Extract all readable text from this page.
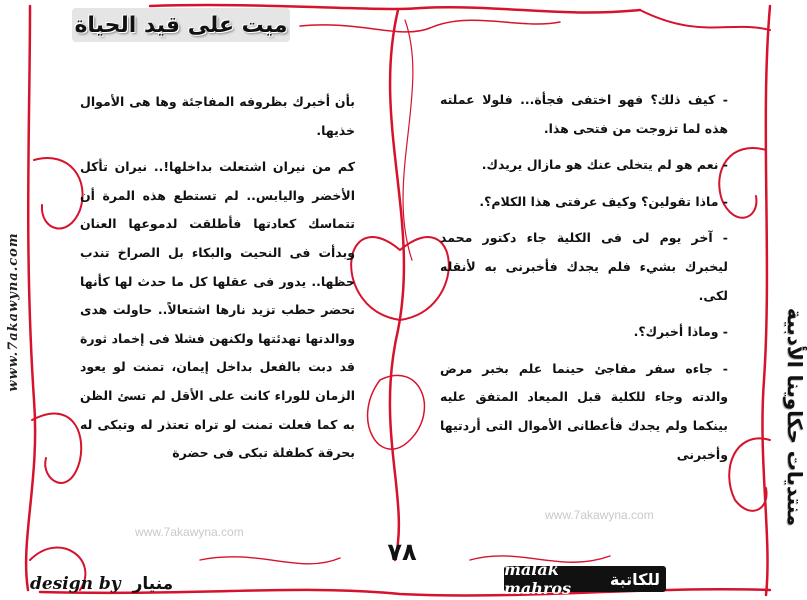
ميت على قيد الحياة
www.7akawyna.com	منتديات حكاوينا الأدبية
www.7akawyna.com
www.7akawyna.com

بأن أخبرك بظروفه المفاجئة وها هى الأموال خذيها.

كم من نيران اشتعلت بداخلها!.. نيران تأكل الأخضر واليابس.. لم تستطع هذه المرة أن تتماسك كعادتها فأطلقت لدموعها العنان وبدأت فى النحيت والبكاء بل الصراخ تندب حظها.. يدور فى عقلها كل ما حدث لها كأنها تحضر حطب تزيد نارها اشتعالاً.. حاولت هدى ووالدتها تهدئتها ولكنهن فشلا فى إخماد ثورة قد دبت بالفعل بداخل إيمان، تمنت لو يعود الزمان للوراء كانت على الأقل لم تسئ الظن به كما فعلت تمنت لو تراه تعتذر له وتبكى له بحرقة كطفلة تبكى فى حضرة

- كيف ذلك؟ فهو اختفى فجأة... فلولا عملته هذه لما تزوجت من فتحى هذا.

- نعم هو لم يتخلى عنك هو مازال يريدك.

- ماذا تقولين؟ وكيف عرفتى هذا الكلام؟.

- آخر يوم لى فى الكلية جاء دكتور محمد ليخبرك بشيء فلم يجدك فأخبرنى به لأنقله لكى.

- وماذا أخبرك؟.

- جاءه سفر مفاجئ حينما علم بخبر مرض والدته وجاء للكلية قبل الميعاد المتفق عليه بينكما ولم يجدك فأعطانى الأموال التى أردتيها وأخبرنى

٧٨
malak mahros	للكاتبة
design by منيار
